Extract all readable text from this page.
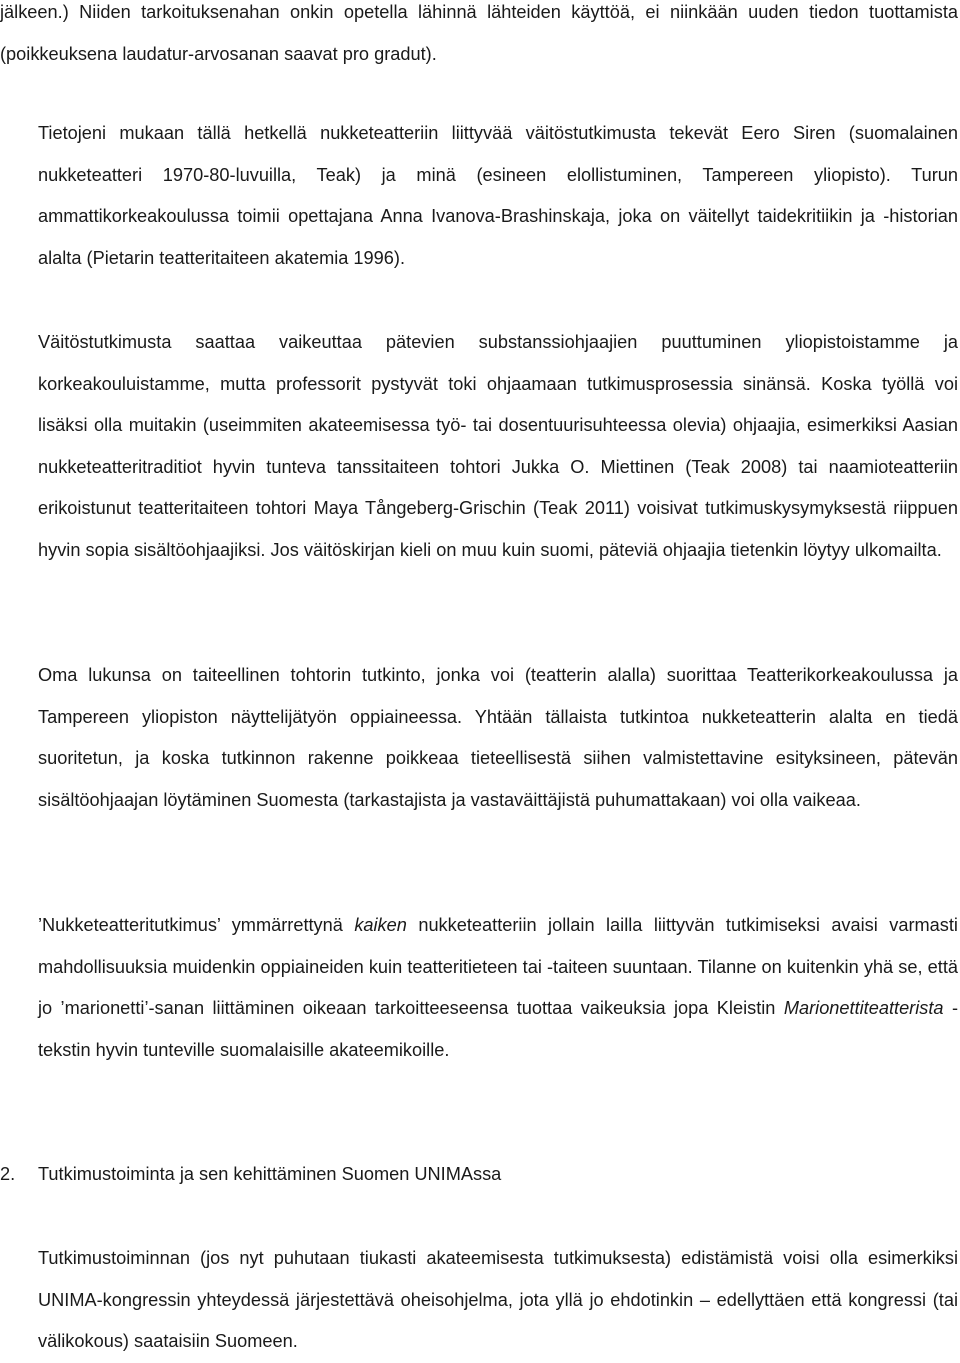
jälkeen.) Niiden tarkoituksenahan onkin opetella lähinnä lähteiden käyttöä, ei niinkään uuden tiedon tuottamista (poikkeuksena laudatur-arvosanan saavat pro gradut).

Tietojeni mukaan tällä hetkellä nukketeatteriin liittyvää väitöstutkimusta tekevät Eero Siren (suomalainen nukketeatteri 1970-80-luvuilla, Teak) ja minä (esineen elollistuminen, Tampereen yliopisto). Turun ammattikorkeakoulussa toimii opettajana Anna Ivanova-Brashinskaja, joka on väitellyt taidekritiikin ja -historian alalta (Pietarin teatteritaiteen akatemia 1996).

Väitöstutkimusta saattaa vaikeuttaa pätevien substanssiohjaajien puuttuminen yliopistoistamme ja korkeakouluistamme, mutta professorit pystyvät toki ohjaamaan tutkimusprosessia sinänsä. Koska työllä voi lisäksi olla muitakin (useimmiten akateemisessa työ- tai dosentuurisuhteessa olevia) ohjaajia, esimerkiksi Aasian nukketeatteritraditiot hyvin tunteva tanssitaiteen tohtori Jukka O. Miettinen (Teak 2008) tai naamioteatteriin erikoistunut teatteritaiteen tohtori Maya Tångeberg-Grischin (Teak 2011) voisivat tutkimuskysymyksestä riippuen hyvin sopia sisältöohjaajiksi. Jos väitöskirjan kieli on muu kuin suomi, päteviä ohjaajia tietenkin löytyy ulkomailta.

Oma lukunsa on taiteellinen tohtorin tutkinto, jonka voi (teatterin alalla) suorittaa Teatterikorkeakoulussa ja Tampereen yliopiston näyttelijätyön oppiaineessa. Yhtään tällaista tutkintoa nukketeatterin alalta en tiedä suoritetun, ja koska tutkinnon rakenne poikkeaa tieteellisestä siihen valmistettavine esityksineen, pätevän sisältöohjaajan löytäminen Suomesta (tarkastajista ja vastaväittäjistä puhumattakaan) voi olla vaikeaa.

’Nukketeatteritutkimus’ ymmärrettynä kaiken nukketeatteriin jollain lailla liittyvän tutkimiseksi avaisi varmasti mahdollisuuksia muidenkin oppiaineiden kuin teatteritieteen tai -taiteen suuntaan. Tilanne on kuitenkin yhä se, että jo ’marionetti’-sanan liittäminen oikeaan tarkoitteeseensa tuottaa vaikeuksia jopa Kleistin Marionettiteatterista -tekstin hyvin tunteville suomalaisille akateemikoille.

2. Tutkimustoiminta ja sen kehittäminen Suomen UNIMAssa

Tutkimustoiminnan (jos nyt puhutaan tiukasti akateemisesta tutkimuksesta) edistämistä voisi olla esimerkiksi UNIMA-kongressin yhteydessä järjestettävä oheisohjelma, jota yllä jo ehdotinkin – edellyttäen että kongressi (tai välikokous) saataisiin Suomeen.
